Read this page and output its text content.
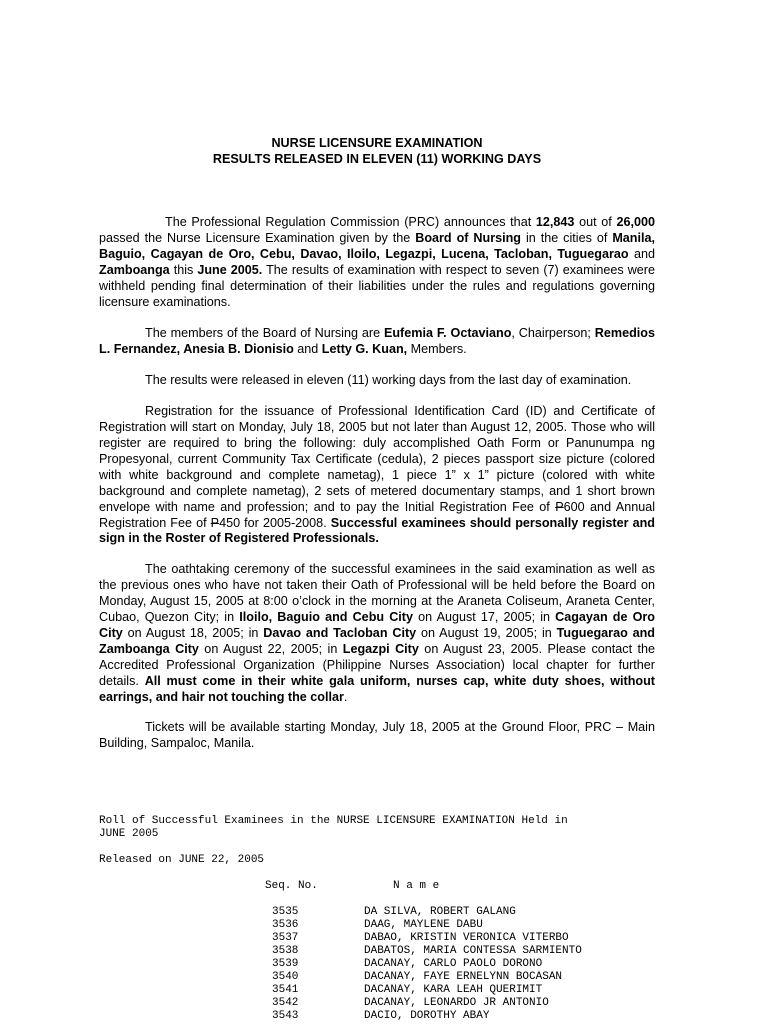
NURSE LICENSURE EXAMINATION

RESULTS RELEASED IN ELEVEN (11) WORKING DAYS

The Professional Regulation Commission (PRC) announces that 12,843 out of 26,000 passed the Nurse Licensure Examination given by the Board of Nursing in the cities of Manila, Baguio, Cagayan de Oro, Cebu, Davao, Iloilo, Legazpi, Lucena, Tacloban, Tuguegarao and Zamboanga this June 2005. The results of examination with respect to seven (7) examinees were withheld pending final determination of their liabilities under the rules and regulations governing licensure examinations.

The members of the Board of Nursing are Eufemia F. Octaviano, Chairperson; Remedios L. Fernandez, Anesia B. Dionisio and Letty G. Kuan, Members.

The results were released in eleven (11) working days from the last day of examination.

Registration for the issuance of Professional Identification Card (ID) and Certificate of Registration will start on Monday, July 18, 2005 but not later than August 12, 2005. Those who will register are required to bring the following: duly accomplished Oath Form or Panunumpa ng Propesyonal, current Community Tax Certificate (cedula), 2 pieces passport size picture (colored with white background and complete nametag), 1 piece 1” x 1” picture (colored with white background and complete nametag), 2 sets of metered documentary stamps, and 1 short brown envelope with name and profession; and to pay the Initial Registration Fee of P600 and Annual Registration Fee of P450 for 2005-2008. Successful examinees should personally register and sign in the Roster of Registered Professionals.

The oathtaking ceremony of the successful examinees in the said examination as well as the previous ones who have not taken their Oath of Professional will be held before the Board on Monday, August 15, 2005 at 8:00 o’clock in the morning at the Araneta Coliseum, Araneta Center, Cubao, Quezon City; in Iloilo, Baguio and Cebu City on August 17, 2005; in Cagayan de Oro City on August 18, 2005; in Davao and Tacloban City on August 19, 2005; in Tuguegarao and Zamboanga City on August 22, 2005; in Legazpi City on August 23, 2005. Please contact the Accredited Professional Organization (Philippine Nurses Association) local chapter for further details. All must come in their white gala uniform, nurses cap, white duty shoes, without earrings, and hair not touching the collar.

Tickets will be available starting Monday, July 18, 2005 at the Ground Floor, PRC – Main Building, Sampaloc, Manila.

Roll of Successful Examinees in the NURSE LICENSURE EXAMINATION Held in
JUNE 2005
Released on JUNE 22, 2005
Seq. No.	N a m e
3535	DA SILVA, ROBERT GALANG
3536	DAAG, MAYLENE DABU
3537	DABAO, KRISTIN VERONICA VITERBO
3538	DABATOS, MARIA CONTESSA SARMIENTO
3539	DACANAY, CARLO PAOLO DORONO
3540	DACANAY, FAYE ERNELYNN BOCASAN
3541	DACANAY, KARA LEAH QUERIMIT
3542	DACANAY, LEONARDO JR ANTONIO
3543	DACIO, DOROTHY ABAY
